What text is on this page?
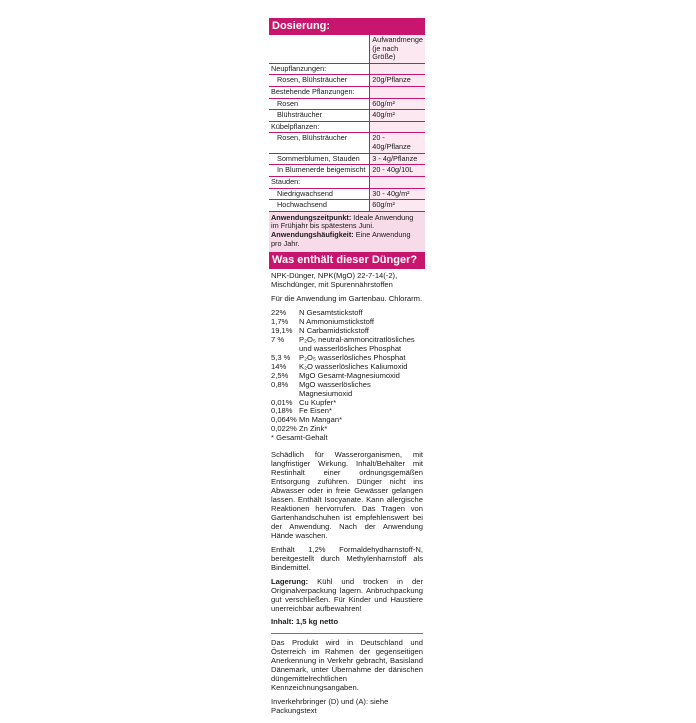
Dosierung:
	Aufwandmenge (je nach Größe)
Neupflanzungen:	
Rosen, Blühsträucher	20g/Pflanze
Bestehende Pflanzungen:	
Rosen	60g/m²
Blühsträucher	40g/m²
Kübelpflanzen:	
Rosen, Blühsträucher	20 - 40g/Pflanze
Sommerblumen, Stauden	3 - 4g/Pflanze
In Blumenerde beigemischt	20 - 40g/10L
Stauden:	
Niedrigwachsend	30 - 40g/m²
Hochwachsend	60g/m²
Anwendungszeitpunkt: Ideale Anwendung im Frühjahr bis spätestens Juni.
Anwendungshäufigkeit: Eine Anwendung pro Jahr.
Was enthält dieser Dünger?

NPK-Dünger, NPK(MgO) 22-7-14(-2), Mischdünger, mit Spurennährstoffen

Für die Anwendung im Gartenbau. Chlorarm.

22%	N Gesamtstickstoff
1,7%	N Ammoniumstickstoff
19,1% N Carbamidstickstoff
7 %	P₂O₅ neutral-ammoncitratlösliches und wasserlösliches Phosphat
5,3 %	P₂O₅ wasserlösliches Phosphat
14%	K₂O wasserlösliches Kaliumoxid
2,5%	MgO Gesamt-Magnesiumoxid
0,8%	MgO wasserlösliches Magnesiumoxid
0,01% Cu Kupfer*
0,18% Fe Eisen*
0,064% Mn Mangan*
0,022% Zn Zink*
* Gesamt-Gehalt

Schädlich für Wasserorganismen, mit langfristiger Wirkung. Inhalt/Behälter mit Restinhalt einer ordnungsgemäßen Entsorgung zuführen. Dünger nicht ins Abwasser oder in freie Gewässer gelangen lassen. Enthält Isocyanate. Kann allergische Reaktionen hervorrufen. Das Tragen von Gartenhandschuhen ist empfehlenswert bei der Anwendung. Nach der Anwendung Hände waschen.

Enthält 1,2% Formaldehydharnstoff-N, bereitgestellt durch Methylenharnstoff als Bindemittel.

Lagerung: Kühl und trocken in der Originalverpackung lagern. Anbruchpackung gut verschließen. Für Kinder und Haustiere unerreichbar aufbewahren!

Inhalt: 1,5 kg netto

Das Produkt wird in Deutschland und Österreich im Rahmen der gegenseitigen Anerkennung in Verkehr gebracht, Basisland Dänemark, unter Übernahme der dänischen düngemittelrechtlichen Kennzeichnungsangaben.

Inverkehrbringer (D) und (A): siehe Packungstext
